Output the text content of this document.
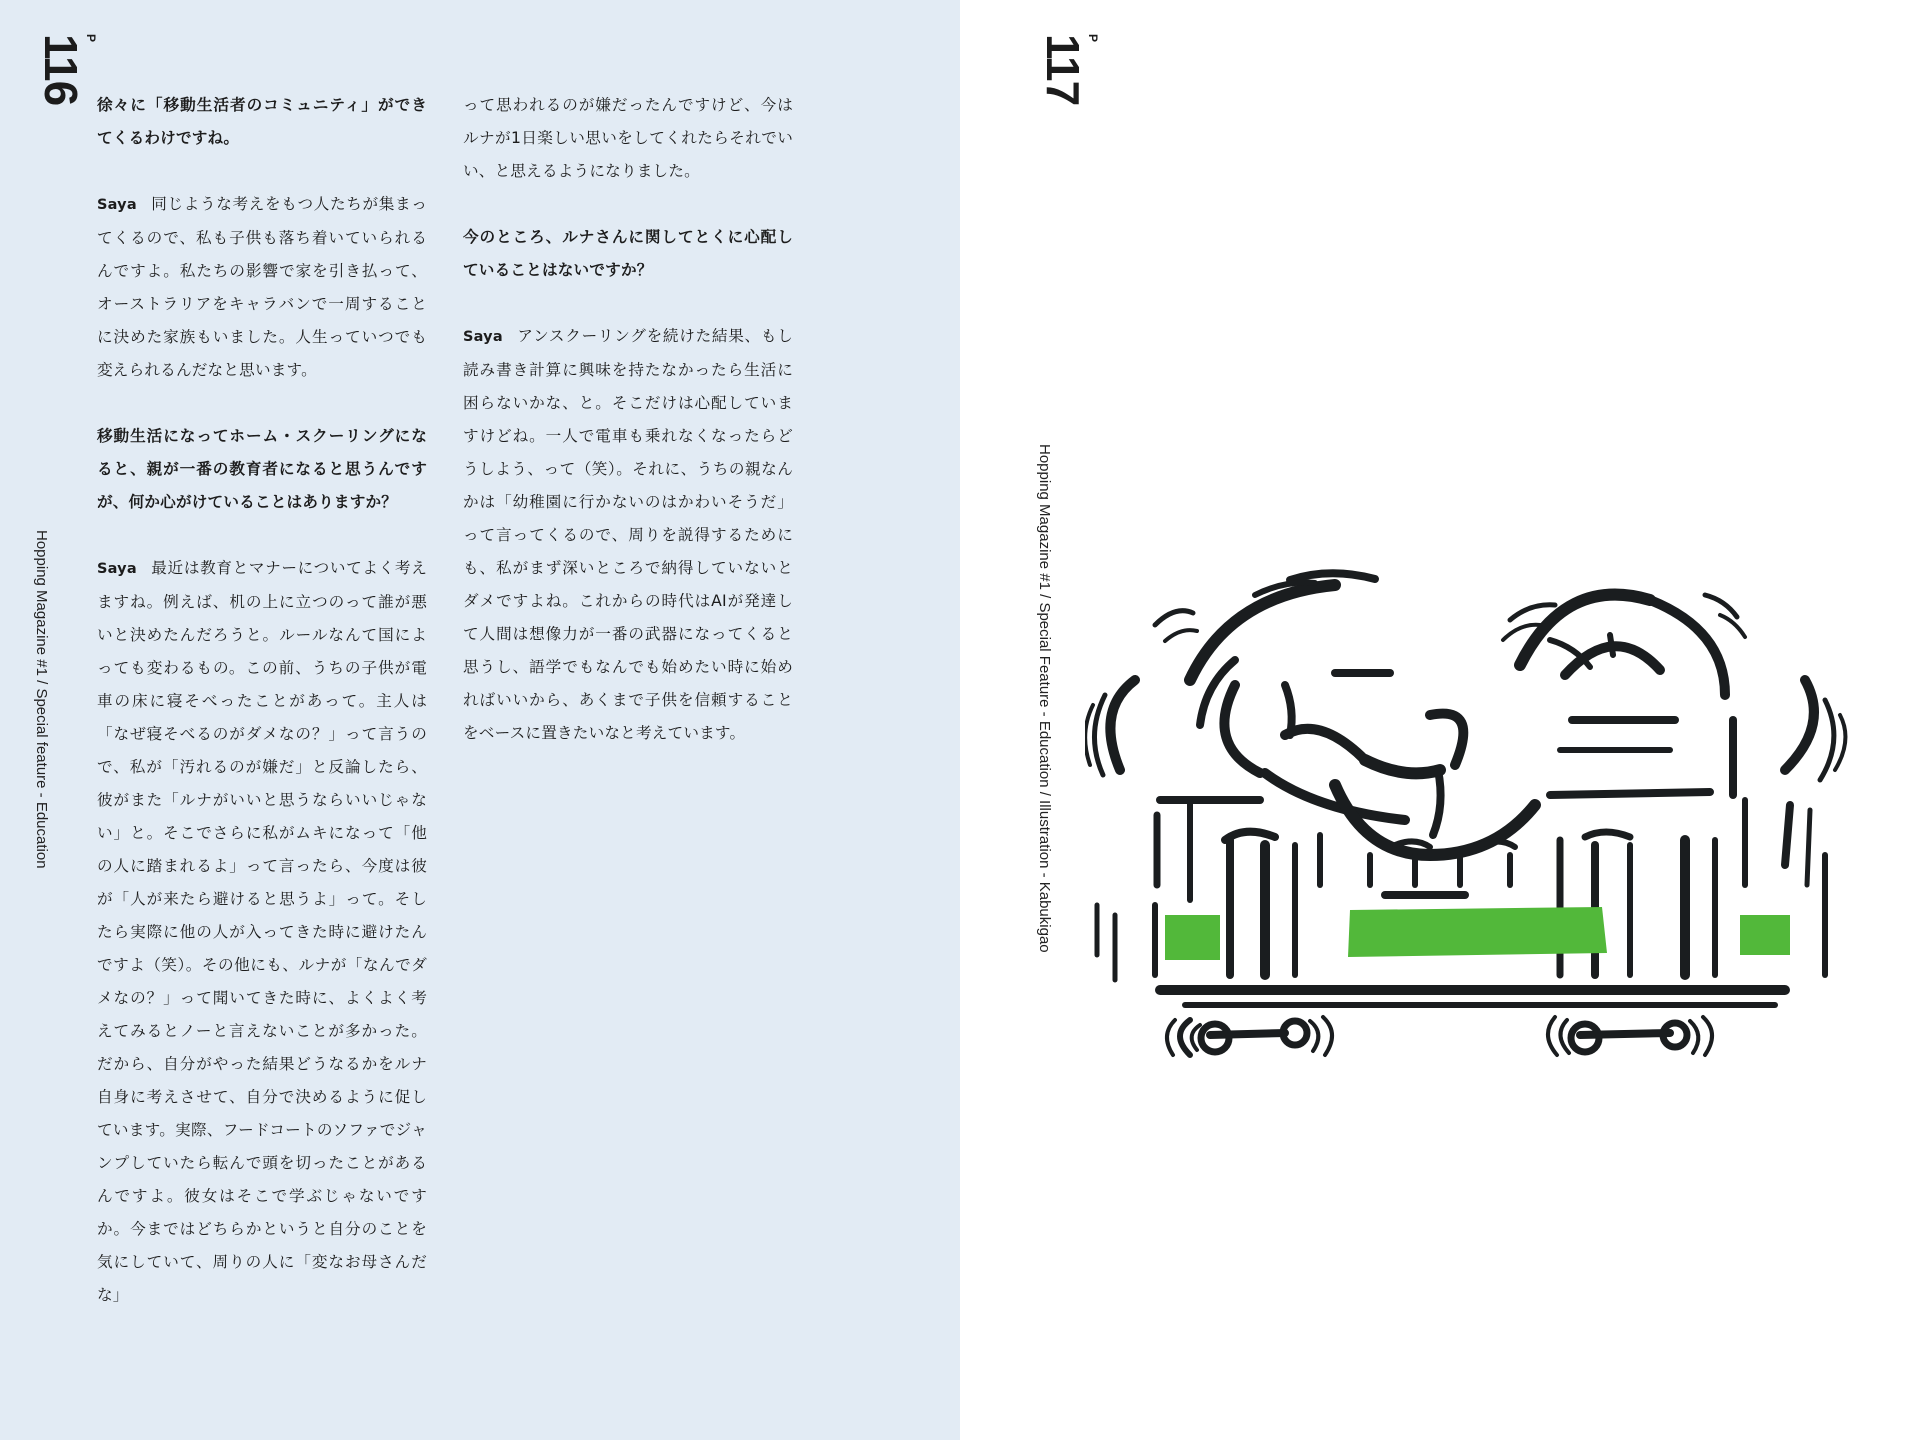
P
116
Hopping Magazine #1 / Special feature - Education

徐々に「移動生活者のコミュニティ」ができてくるわけですね。

Saya 同じような考えをもつ人たちが集まってくるので、私も子供も落ち着いていられるんですよ。私たちの影響で家を引き払って、オーストラリアをキャラバンで一周することに決めた家族もいました。人生っていつでも変えられるんだなと思います。

移動生活になってホーム・スクーリングになると、親が一番の教育者になると思うんですが、何か心がけていることはありますか？

Saya 最近は教育とマナーについてよく考えますね。例えば、机の上に立つのって誰が悪いと決めたんだろうと。ルールなんて国によっても変わるもの。この前、うちの子供が電車の床に寝そべったことがあって。主人は「なぜ寝そべるのがダメなの？」って言うので、私が「汚れるのが嫌だ」と反論したら、彼がまた「ルナがいいと思うならいいじゃない」と。そこでさらに私がムキになって「他の人に踏まれるよ」って言ったら、今度は彼が「人が来たら避けると思うよ」って。そしたら実際に他の人が入ってきた時に避けたんですよ（笑）。その他にも、ルナが「なんでダメなの？」って聞いてきた時に、よくよく考えてみるとノーと言えないことが多かった。だから、自分がやった結果どうなるかをルナ自身に考えさせて、自分で決めるように促しています。実際、フードコートのソファでジャンプしていたら転んで頭を切ったことがあるんですよ。彼女はそこで学ぶじゃないですか。今まではどちらかというと自分のことを気にしていて、周りの人に「変なお母さんだな」

って思われるのが嫌だったんですけど、今はルナが1日楽しい思いをしてくれたらそれでいい、と思えるようになりました。

今のところ、ルナさんに関してとくに心配していることはないですか？

Saya アンスクーリングを続けた結果、もし読み書き計算に興味を持たなかったら生活に困らないかな、と。そこだけは心配していますけどね。一人で電車も乗れなくなったらどうしよう、って（笑）。それに、うちの親なんかは「幼稚園に行かないのはかわいそうだ」って言ってくるので、周りを説得するためにも、私がまず深いところで納得していないとダメですよね。これからの時代はAIが発達して人間は想像力が一番の武器になってくると思うし、語学でもなんでも始めたい時に始めればいいから、あくまで子供を信頼することをベースに置きたいなと考えています。

P
117
Hopping Magazine #1 / Special Feature - Education / Illustration - Kabukigao
